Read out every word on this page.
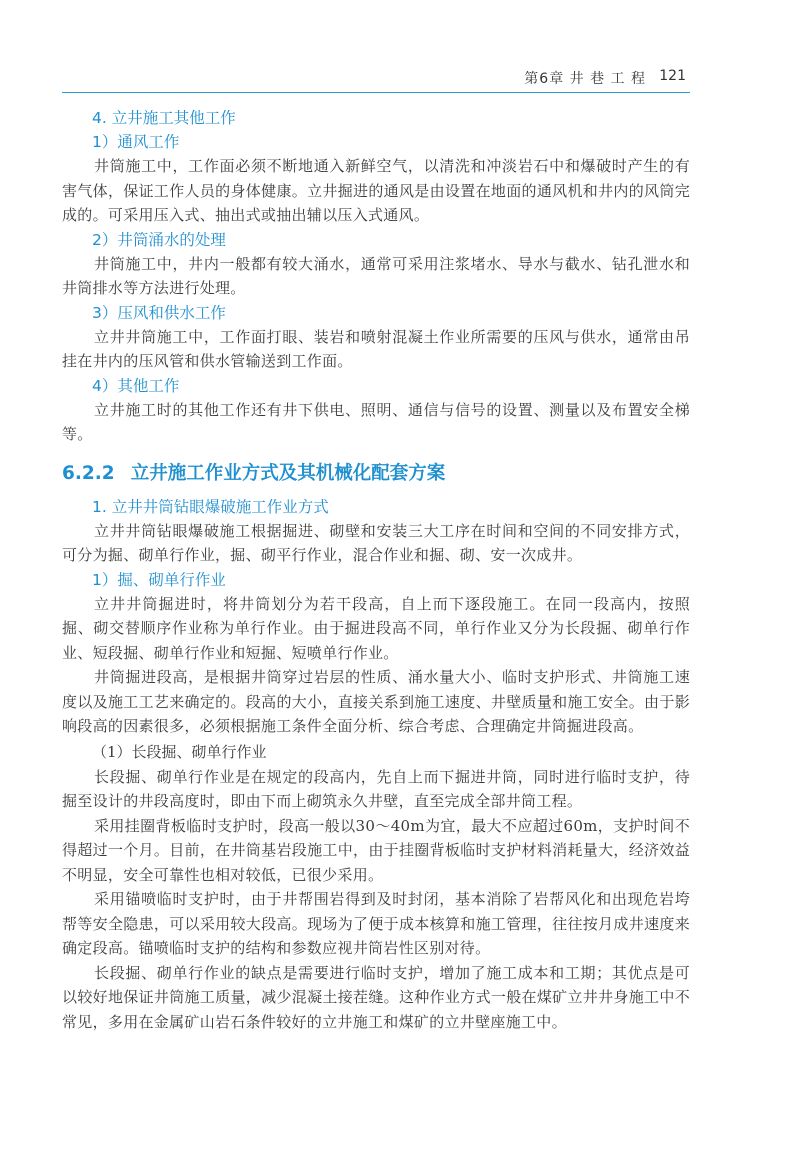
第6章 井 巷 工 程 121
4. 立井施工其他工作
1）通风工作

井筒施工中，工作面必须不断地通入新鲜空气，以清洗和冲淡岩石中和爆破时产生的有害气体，保证工作人员的身体健康。立井掘进的通风是由设置在地面的通风机和井内的风筒完成的。可采用压入式、抽出式或抽出辅以压入式通风。

2）井筒涌水的处理

井筒施工中，井内一般都有较大涌水，通常可采用注浆堵水、导水与截水、钻孔泄水和井筒排水等方法进行处理。

3）压风和供水工作

立井井筒施工中，工作面打眼、装岩和喷射混凝土作业所需要的压风与供水，通常由吊挂在井内的压风管和供水管输送到工作面。

4）其他工作

立井施工时的其他工作还有井下供电、照明、通信与信号的设置、测量以及布置安全梯等。

6.2.2 立井施工作业方式及其机械化配套方案
1. 立井井筒钻眼爆破施工作业方式

立井井筒钻眼爆破施工根据掘进、砌壁和安装三大工序在时间和空间的不同安排方式，可分为掘、砌单行作业，掘、砌平行作业，混合作业和掘、砌、安一次成井。

1）掘、砌单行作业

立井井筒掘进时，将井筒划分为若干段高，自上而下逐段施工。在同一段高内，按照掘、砌交替顺序作业称为单行作业。由于掘进段高不同，单行作业又分为长段掘、砌单行作业、短段掘、砌单行作业和短掘、短喷单行作业。

井筒掘进段高，是根据井筒穿过岩层的性质、涌水量大小、临时支护形式、井筒施工速度以及施工工艺来确定的。段高的大小，直接关系到施工速度、井壁质量和施工安全。由于影响段高的因素很多，必须根据施工条件全面分析、综合考虑、合理确定井筒掘进段高。

（1）长段掘、砌单行作业

长段掘、砌单行作业是在规定的段高内，先自上而下掘进井筒，同时进行临时支护，待掘至设计的井段高度时，即由下而上砌筑永久井壁，直至完成全部井筒工程。

采用挂圈背板临时支护时，段高一般以30～40m为宜，最大不应超过60m，支护时间不得超过一个月。目前，在井筒基岩段施工中，由于挂圈背板临时支护材料消耗量大，经济效益不明显，安全可靠性也相对较低，已很少采用。

采用锚喷临时支护时，由于井帮围岩得到及时封闭，基本消除了岩帮风化和出现危岩垮帮等安全隐患，可以采用较大段高。现场为了便于成本核算和施工管理，往往按月成井速度来确定段高。锚喷临时支护的结构和参数应视井筒岩性区别对待。

长段掘、砌单行作业的缺点是需要进行临时支护，增加了施工成本和工期；其优点是可以较好地保证井筒施工质量，减少混凝土接茬缝。这种作业方式一般在煤矿立井井身施工中不常见，多用在金属矿山岩石条件较好的立井施工和煤矿的立井壁座施工中。
